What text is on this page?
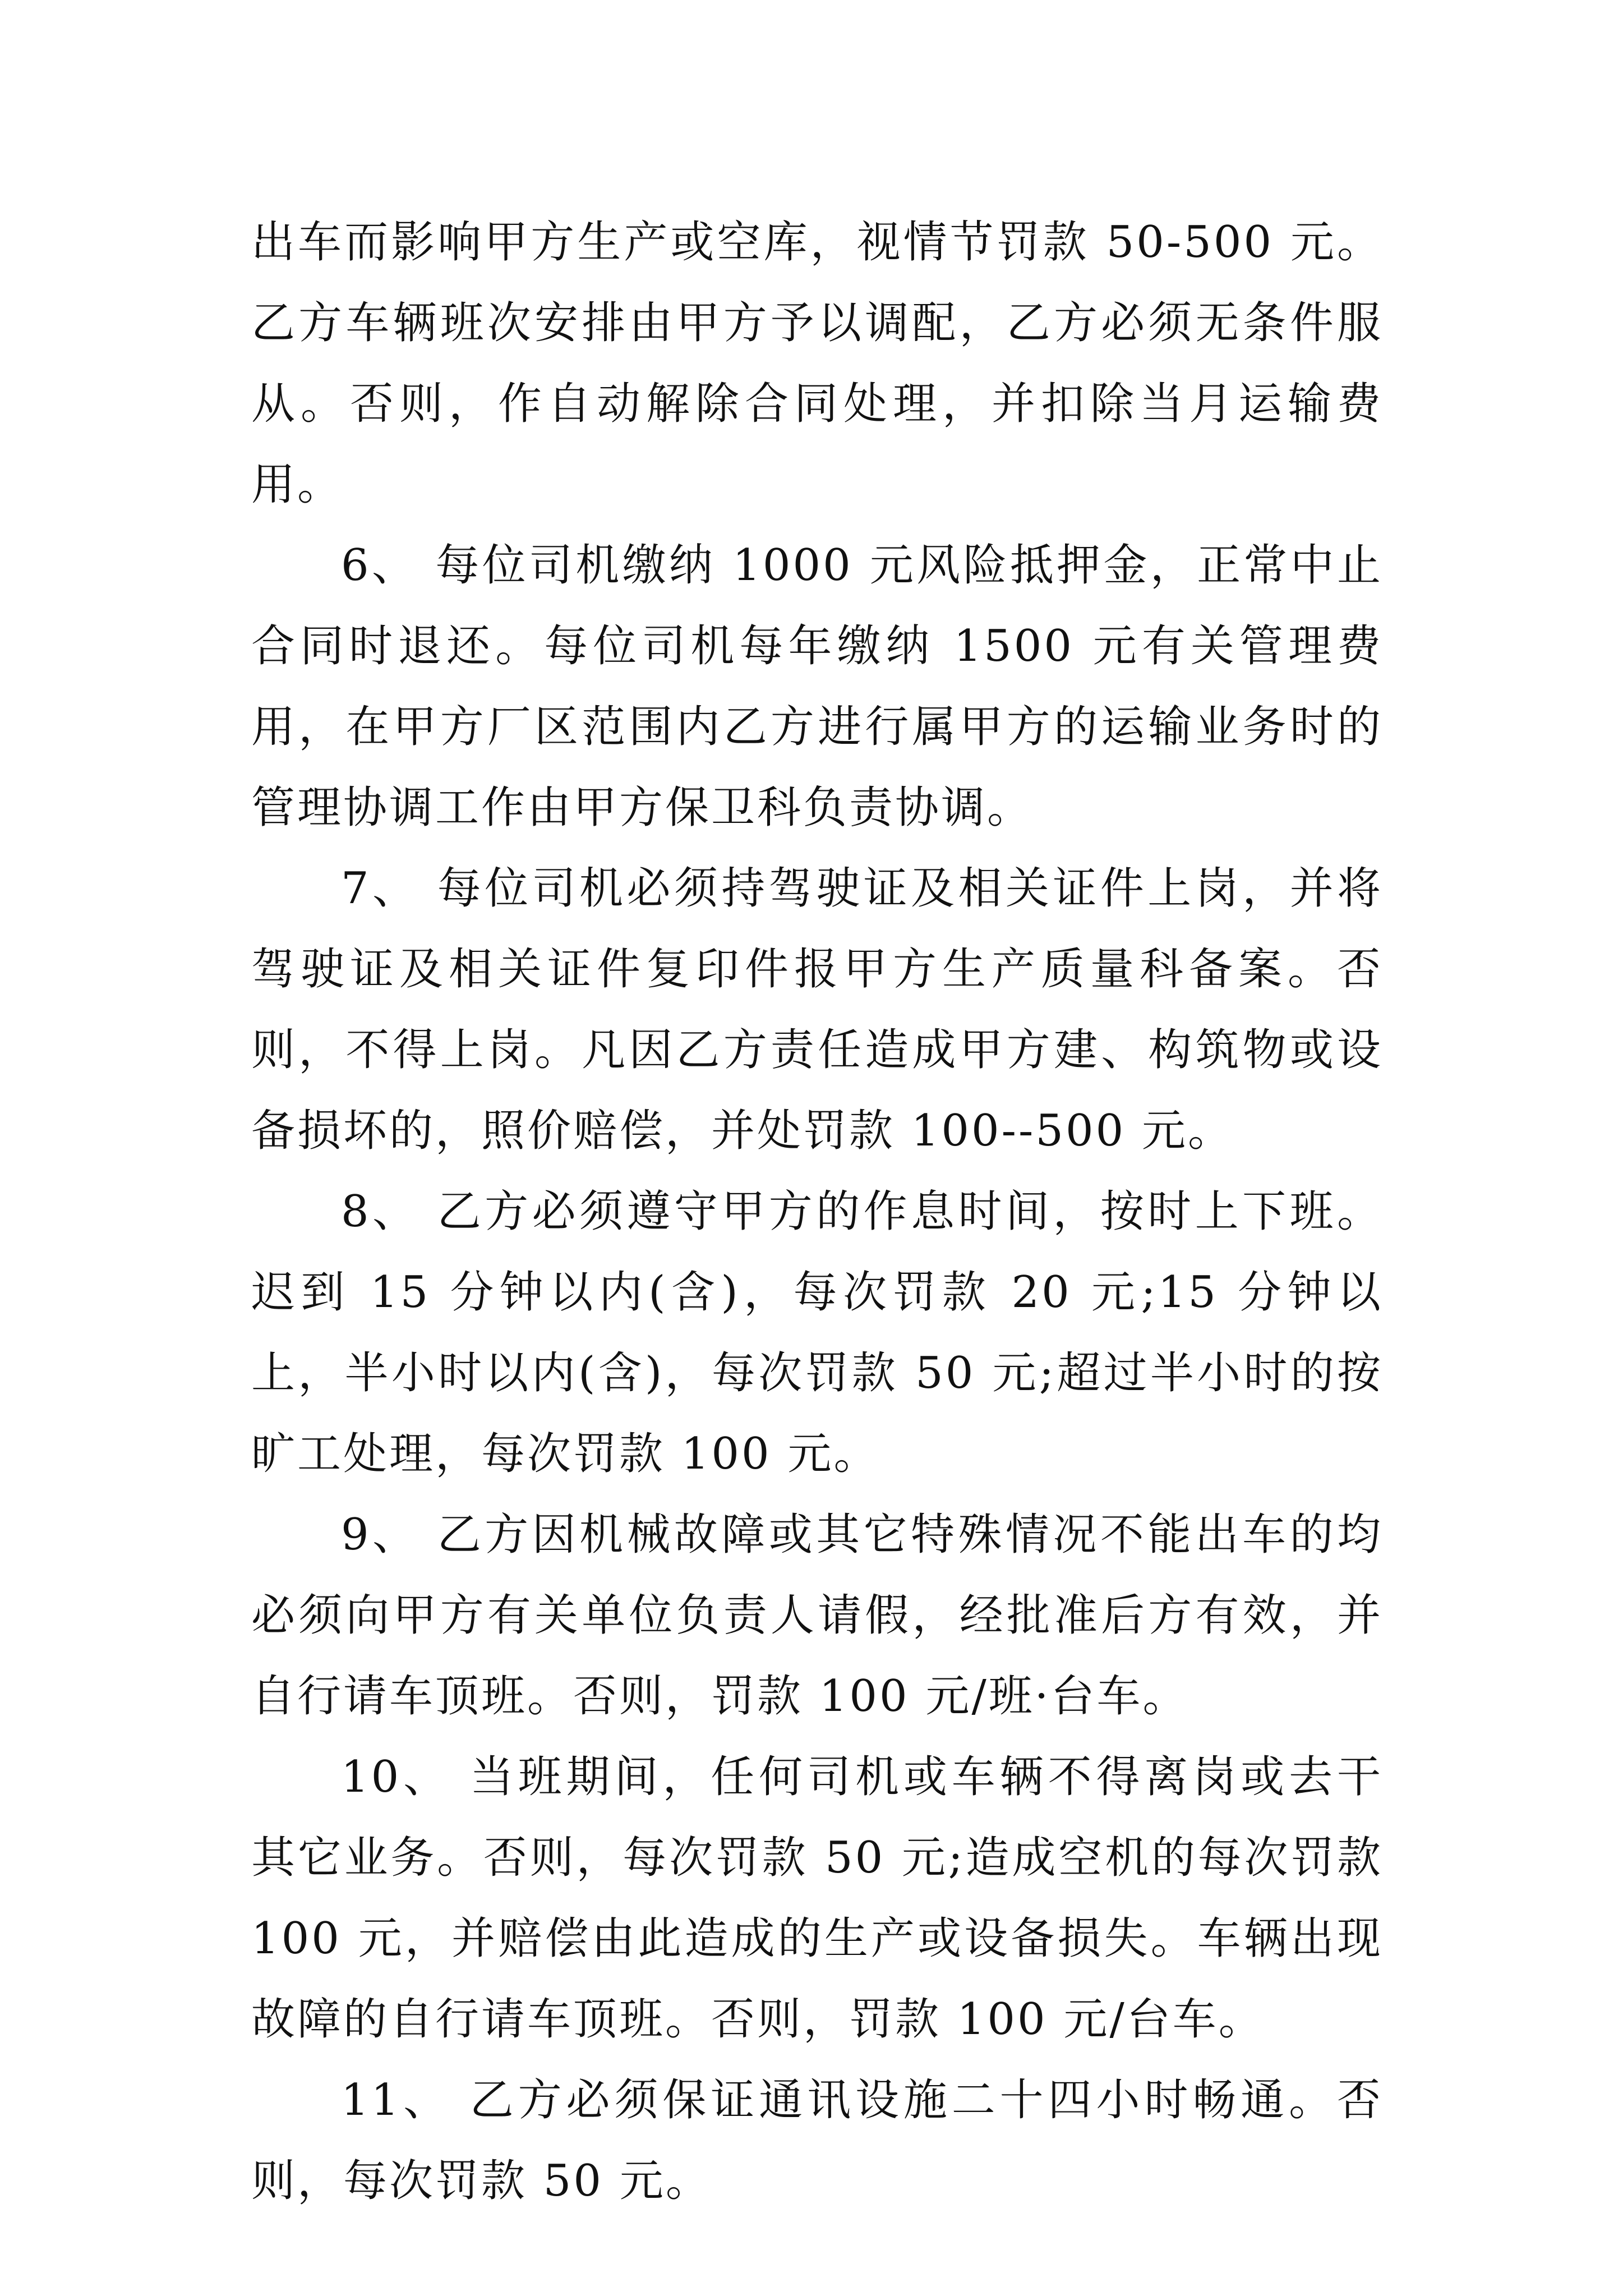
出车而影响甲方生产或空库，视情节罚款 50-500 元。乙方车辆班次安排由甲方予以调配，乙方必须无条件服从。否则，作自动解除合同处理，并扣除当月运输费用。

6、 每位司机缴纳 1000 元风险抵押金，正常中止合同时退还。每位司机每年缴纳 1500 元有关管理费用，在甲方厂区范围内乙方进行属甲方的运输业务时的管理协调工作由甲方保卫科负责协调。

7、 每位司机必须持驾驶证及相关证件上岗，并将驾驶证及相关证件复印件报甲方生产质量科备案。否则，不得上岗。凡因乙方责任造成甲方建、构筑物或设备损坏的，照价赔偿，并处罚款 100--500 元。

8、 乙方必须遵守甲方的作息时间，按时上下班。迟到 15 分钟以内(含)，每次罚款 20 元;15 分钟以上，半小时以内(含)，每次罚款 50 元;超过半小时的按旷工处理，每次罚款 100 元。

9、 乙方因机械故障或其它特殊情况不能出车的均必须向甲方有关单位负责人请假，经批准后方有效，并自行请车顶班。否则，罚款 100 元/班·台车。

10、 当班期间，任何司机或车辆不得离岗或去干其它业务。否则，每次罚款 50 元;造成空机的每次罚款 100 元，并赔偿由此造成的生产或设备损失。车辆出现故障的自行请车顶班。否则，罚款 100 元/台车。

11、 乙方必须保证通讯设施二十四小时畅通。否则，每次罚款 50 元。
